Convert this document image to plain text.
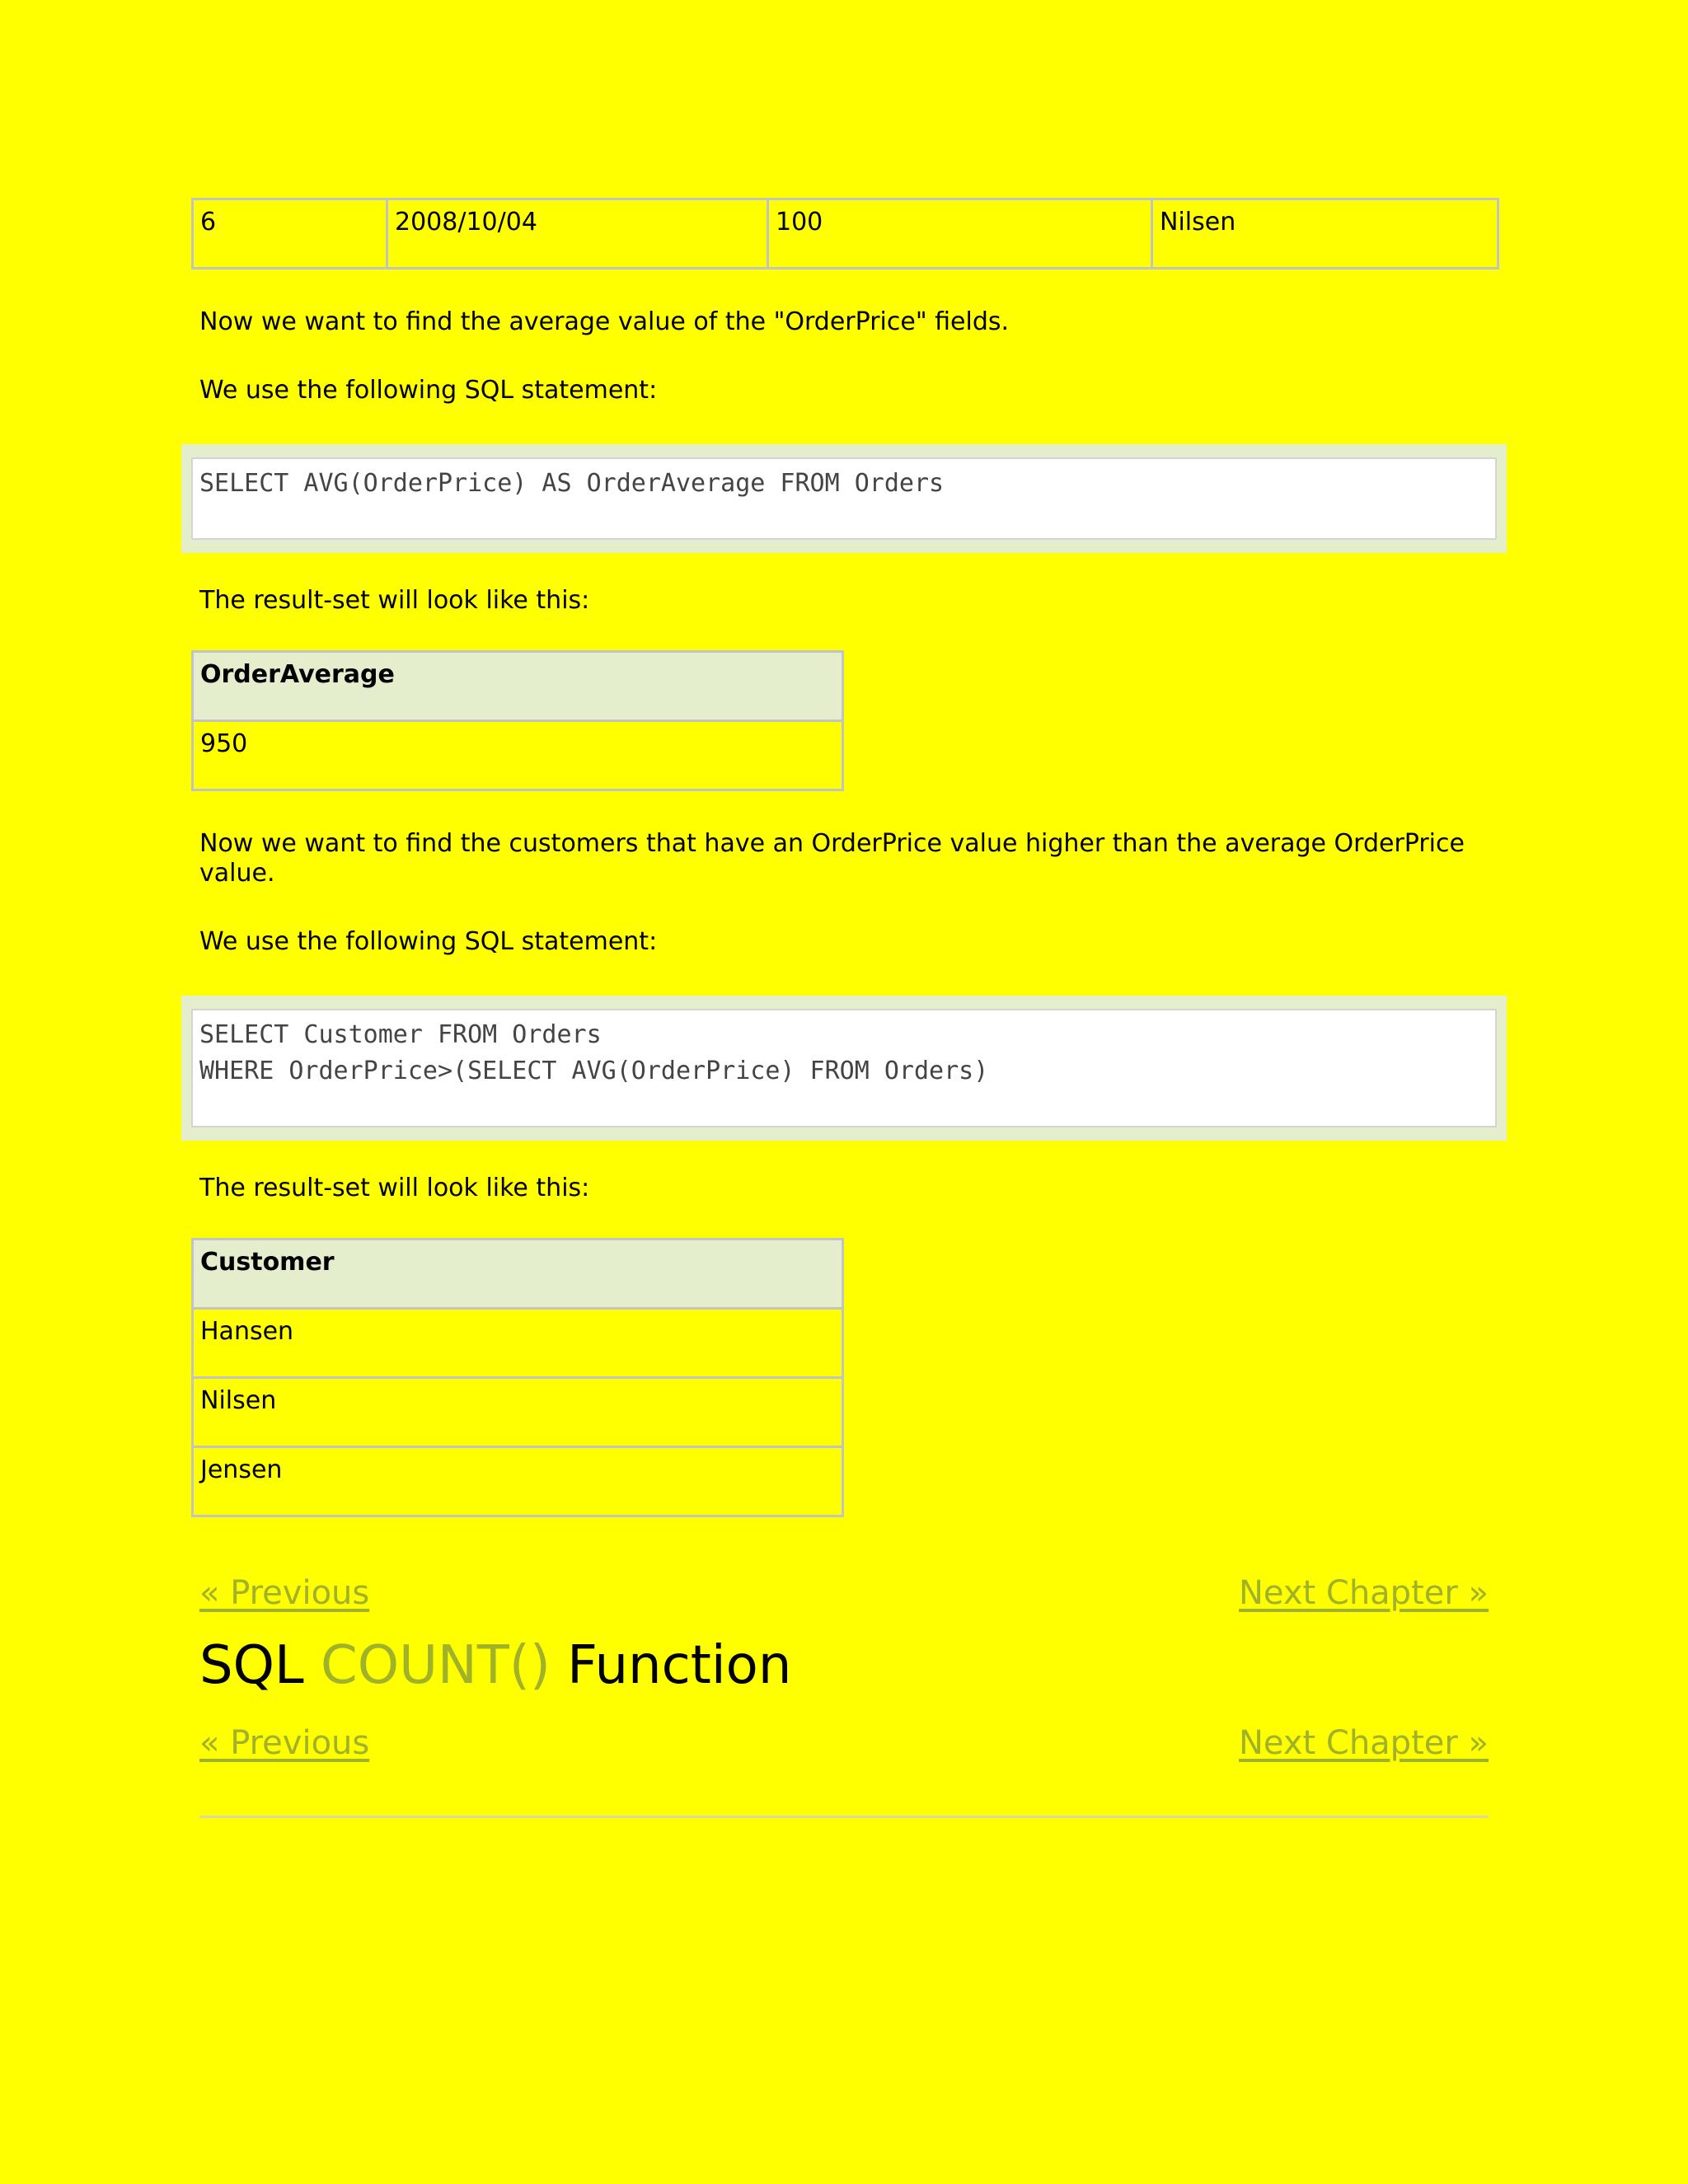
6	2008/10/04	100	Nilsen

Now we want to find the average value of the "OrderPrice" fields.

We use the following SQL statement:

SELECT AVG(OrderPrice) AS OrderAverage FROM Orders

The result-set will look like this:

OrderAverage
950

Now we want to find the customers that have an OrderPrice value higher than the average OrderPrice value.

We use the following SQL statement:

SELECT Customer FROM Orders
WHERE OrderPrice>(SELECT AVG(OrderPrice) FROM Orders)

The result-set will look like this:

Customer
Hansen
Nilsen
Jensen
« Previous	Next Chapter »
SQL COUNT() Function
« Previous	Next Chapter »
